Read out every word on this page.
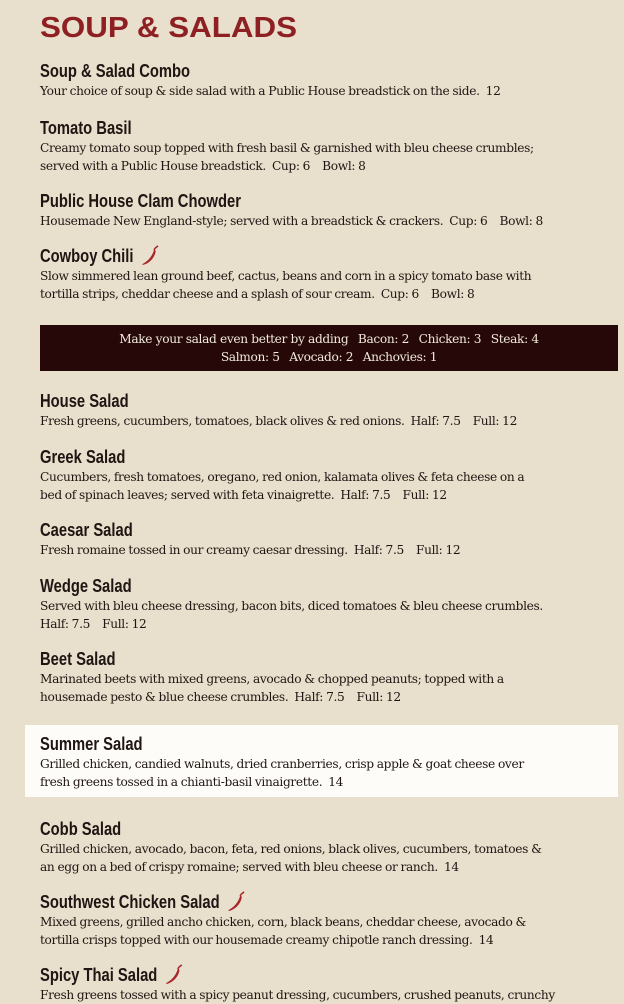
SOUP & SALADS
Soup & Salad Combo
Your choice of soup & side salad with a Public House breadstick on the side.  12
Tomato Basil
Creamy tomato soup topped with fresh basil & garnished with bleu cheese crumbles;
served with a Public House breadstick.  Cup: 6    Bowl: 8
Public House Clam Chowder
Housemade New England-style; served with a breadstick & crackers.  Cup: 6    Bowl: 8
Cowboy Chili
Slow simmered lean ground beef, cactus, beans and corn in a spicy tomato base with
tortilla strips, cheddar cheese and a splash of sour cream.  Cup: 6    Bowl: 8
Make your salad even better by adding Bacon: 2 Chicken: 3 Steak: 4
Salmon: 5 Avocado: 2 Anchovies: 1
House Salad
Fresh greens, cucumbers, tomatoes, black olives & red onions.  Half: 7.5    Full: 12
Greek Salad
Cucumbers, fresh tomatoes, oregano, red onion, kalamata olives & feta cheese on a
bed of spinach leaves; served with feta vinaigrette.  Half: 7.5    Full: 12
Caesar Salad
Fresh romaine tossed in our creamy caesar dressing.  Half: 7.5    Full: 12
Wedge Salad
Served with bleu cheese dressing, bacon bits, diced tomatoes & bleu cheese crumbles.
Half: 7.5    Full: 12
Beet Salad
Marinated beets with mixed greens, avocado & chopped peanuts; topped with a
housemade pesto & blue cheese crumbles.  Half: 7.5    Full: 12
Summer Salad
Grilled chicken, candied walnuts, dried cranberries, crisp apple & goat cheese over
fresh greens tossed in a chianti-basil vinaigrette.  14
Cobb Salad
Grilled chicken, avocado, bacon, feta, red onions, black olives, cucumbers, tomatoes &
an egg on a bed of crispy romaine; served with bleu cheese or ranch.  14
Southwest Chicken Salad
Mixed greens, grilled ancho chicken, corn, black beans, cheddar cheese, avocado &
tortilla crisps topped with our housemade creamy chipotle ranch dressing.  14
Spicy Thai Salad
Fresh greens tossed with a spicy peanut dressing, cucumbers, crushed peanuts, crunchy
